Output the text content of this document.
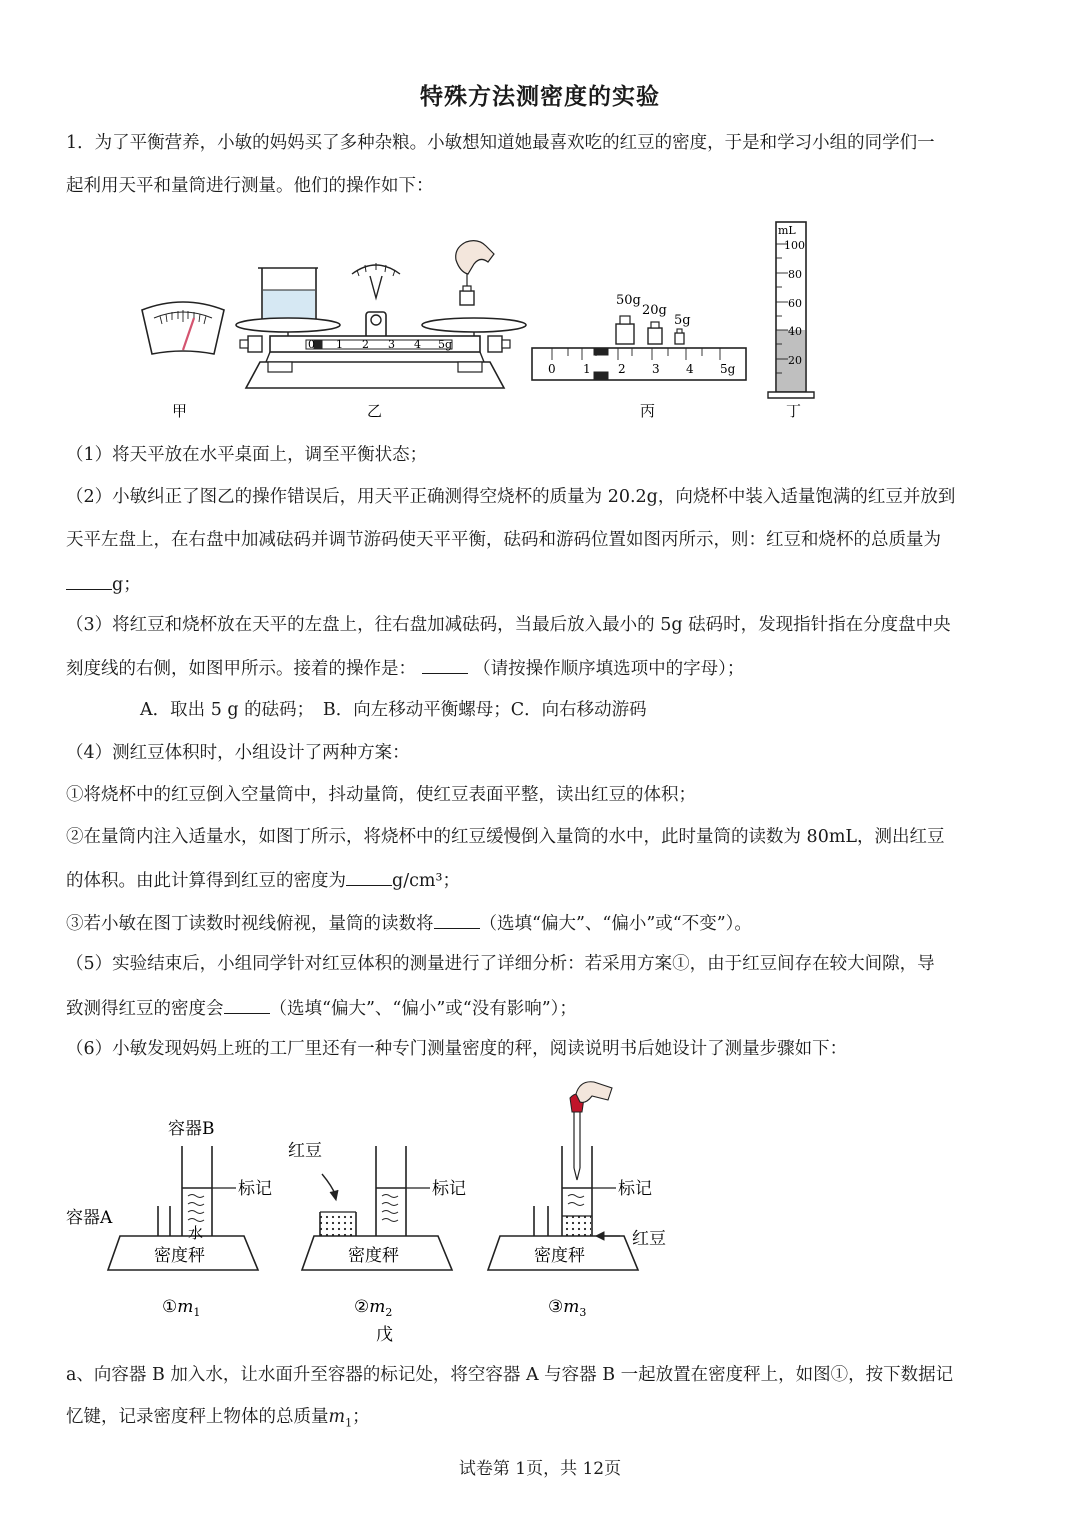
特殊方法测密度的实验
1．为了平衡营养，小敏的妈妈买了多种杂粮。小敏想知道她最喜欢吃的红豆的密度，于是和学习小组的同学们一
起利用天平和量筒进行测量。他们的操作如下：
甲
0 1 2 3 4 5g
乙
50g
20g
5g
0 1 2 3 4 5g
丙
mL
100
80
60
40
20
丁
（1）将天平放在水平桌面上，调至平衡状态；
（2）小敏纠正了图乙的操作错误后，用天平正确测得空烧杯的质量为 20.2g，向烧杯中装入适量饱满的红豆并放到
天平左盘上，在右盘中加减砝码并调节游码使天平平衡，砝码和游码位置如图丙所示，则：红豆和烧杯的总质量为
g；
（3）将红豆和烧杯放在天平的左盘上，往右盘加减砝码，当最后放入最小的 5g 砝码时，发现指针指在分度盘中央
刻度线的右侧，如图甲所示。接着的操作是：	（请按操作顺序填选项中的字母）；
A．取出 5 g 的砝码；　B．向左移动平衡螺母；C．向右移动游码
（4）测红豆体积时，小组设计了两种方案：
①将烧杯中的红豆倒入空量筒中，抖动量筒，使红豆表面平整，读出红豆的体积；
②在量筒内注入适量水，如图丁所示，将烧杯中的红豆缓慢倒入量筒的水中，此时量筒的读数为 80mL，测出红豆
的体积。由此计算得到红豆的密度为	g/cm³；
③若小敏在图丁读数时视线俯视，量筒的读数将	（选填“偏大”、“偏小”或“不变”）。
（5）实验结束后，小组同学针对红豆体积的测量进行了详细分析：若采用方案①，由于红豆间存在较大间隙，导
致测得红豆的密度会	（选填“偏大”、“偏小”或“没有影响”）；
（6）小敏发现妈妈上班的工厂里还有一种专门测量密度的秤，阅读说明书后她设计了测量步骤如下：
容器B
标记
容器A
水
密度秤
$①m_1$
红豆
标记
密度秤
$②m_2$
戊
标记
红豆
密度秤
$③m_3$
a、向容器 B 加入水，让水面升至容器的标记处，将空容器 A 与容器 B 一起放置在密度秤上，如图①，按下数据记
忆键，记录密度秤上物体的总质量$m_1$；
试卷第 1页，共 12页
